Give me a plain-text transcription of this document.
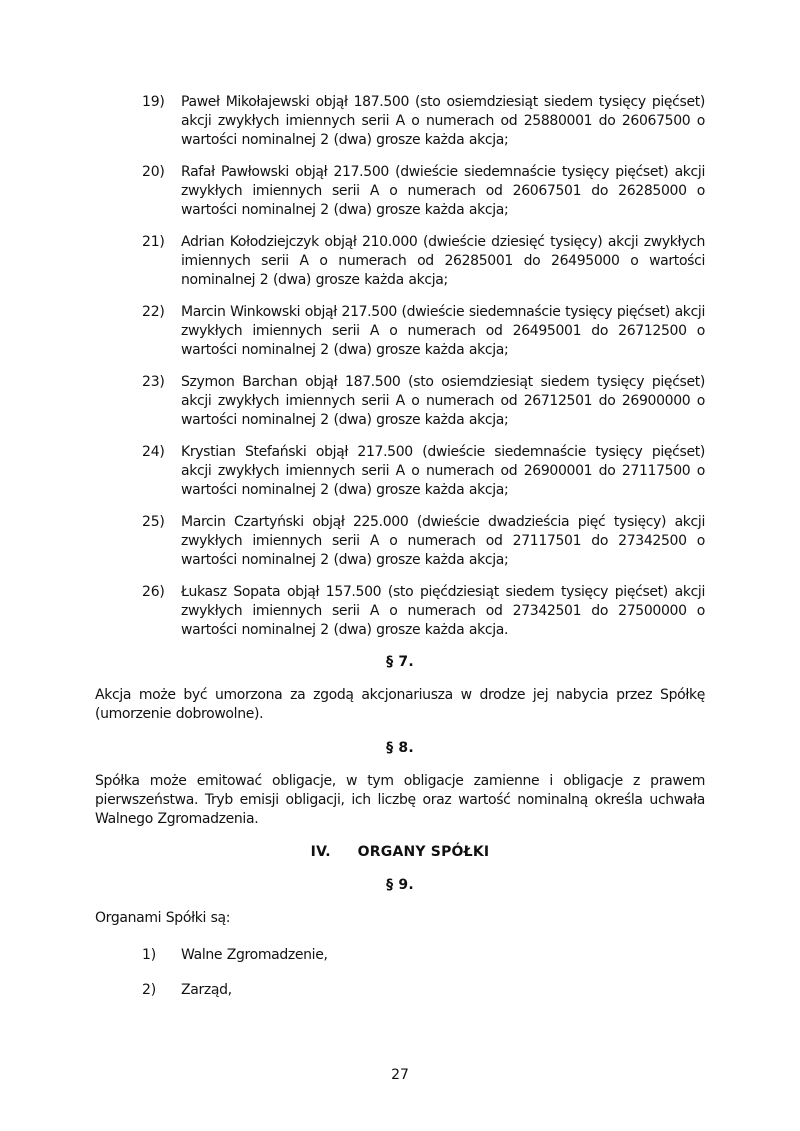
19) Paweł Mikołajewski objął 187.500 (sto osiemdziesiąt siedem tysięcy pięćset) akcji zwykłych imiennych serii A o numerach od 25880001 do 26067500 o wartości nominalnej 2 (dwa) grosze każda akcja;
20) Rafał Pawłowski objął 217.500 (dwieście siedemnaście tysięcy pięćset) akcji zwykłych imiennych serii A o numerach od 26067501 do 26285000 o wartości nominalnej 2 (dwa) grosze każda akcja;
21) Adrian Kołodziejczyk objął 210.000 (dwieście dziesięć tysięcy) akcji zwykłych imiennych serii A o numerach od 26285001 do 26495000 o wartości nominalnej 2 (dwa) grosze każda akcja;
22) Marcin Winkowski objął 217.500 (dwieście siedemnaście tysięcy pięćset) akcji zwykłych imiennych serii A o numerach od 26495001 do 26712500 o wartości nominalnej 2 (dwa) grosze każda akcja;
23) Szymon Barchan objął 187.500 (sto osiemdziesiąt siedem tysięcy pięćset) akcji zwykłych imiennych serii A o numerach od 26712501 do 26900000 o wartości nominalnej 2 (dwa) grosze każda akcja;
24) Krystian Stefański objął 217.500 (dwieście siedemnaście tysięcy pięćset) akcji zwykłych imiennych serii A o numerach od 26900001 do 27117500 o wartości nominalnej 2 (dwa) grosze każda akcja;
25) Marcin Czartyński objął 225.000 (dwieście dwadzieścia pięć tysięcy) akcji zwykłych imiennych serii A o numerach od 27117501 do 27342500 o wartości nominalnej 2 (dwa) grosze każda akcja;
26) Łukasz Sopata objął 157.500 (sto pięćdziesiąt siedem tysięcy pięćset) akcji zwykłych imiennych serii A o numerach od 27342501 do 27500000 o wartości nominalnej 2 (dwa) grosze każda akcja.
§ 7.
Akcja może być umorzona za zgodą akcjonariusza w drodze jej nabycia przez Spółkę (umorzenie dobrowolne).
§ 8.
Spółka może emitować obligacje, w tym obligacje zamienne i obligacje z prawem pierwszeństwa. Tryb emisji obligacji, ich liczbę oraz wartość nominalną określa uchwała Walnego Zgromadzenia.
IV. ORGANY SPÓŁKI
§ 9.
Organami Spółki są:
1) Walne Zgromadzenie,
2) Zarząd,
27
